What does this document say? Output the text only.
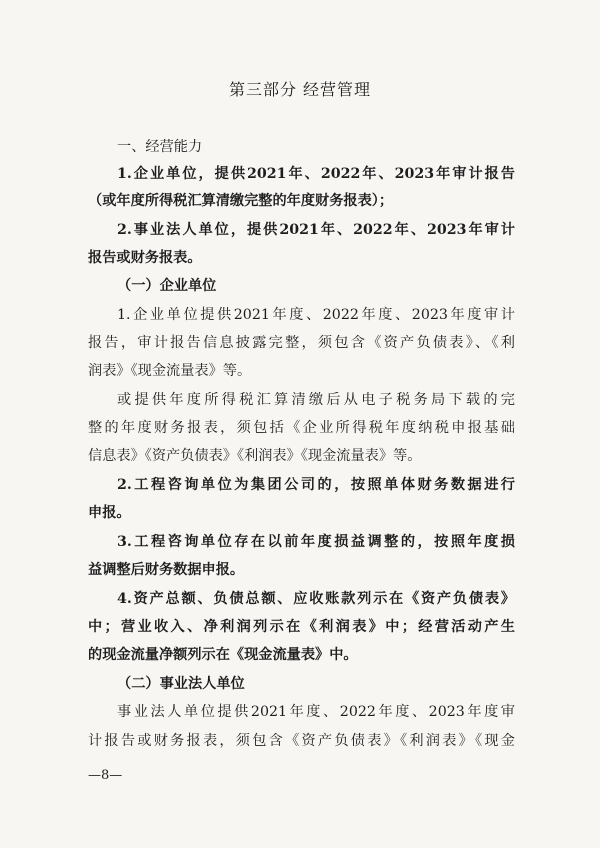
第三部分 经营管理
一、经营能力
1.企业单位，提供2021年、2022年、2023年审计报告
（或年度所得税汇算清缴完整的年度财务报表）；
2.事业法人单位，提供2021年、2022年、2023年审计
报告或财务报表。
（一）企业单位
1.企业单位提供2021年度、2022年度、2023年度审计
报告，审计报告信息披露完整，须包含《资产负债表》、《利
润表》《现金流量表》等。
或提供年度所得税汇算清缴后从电子税务局下载的完
整的年度财务报表，须包括《企业所得税年度纳税申报基础
信息表》《资产负债表》《利润表》《现金流量表》等。
2.工程咨询单位为集团公司的，按照单体财务数据进行
申报。
3.工程咨询单位存在以前年度损益调整的，按照年度损
益调整后财务数据申报。
4.资产总额、负债总额、应收账款列示在《资产负债表》
中；营业收入、净利润列示在《利润表》中；经营活动产生
的现金流量净额列示在《现金流量表》中。
（二）事业法人单位
事业法人单位提供2021年度、2022年度、2023年度审
计报告或财务报表，须包含《资产负债表》《利润表》《现金
—8—
